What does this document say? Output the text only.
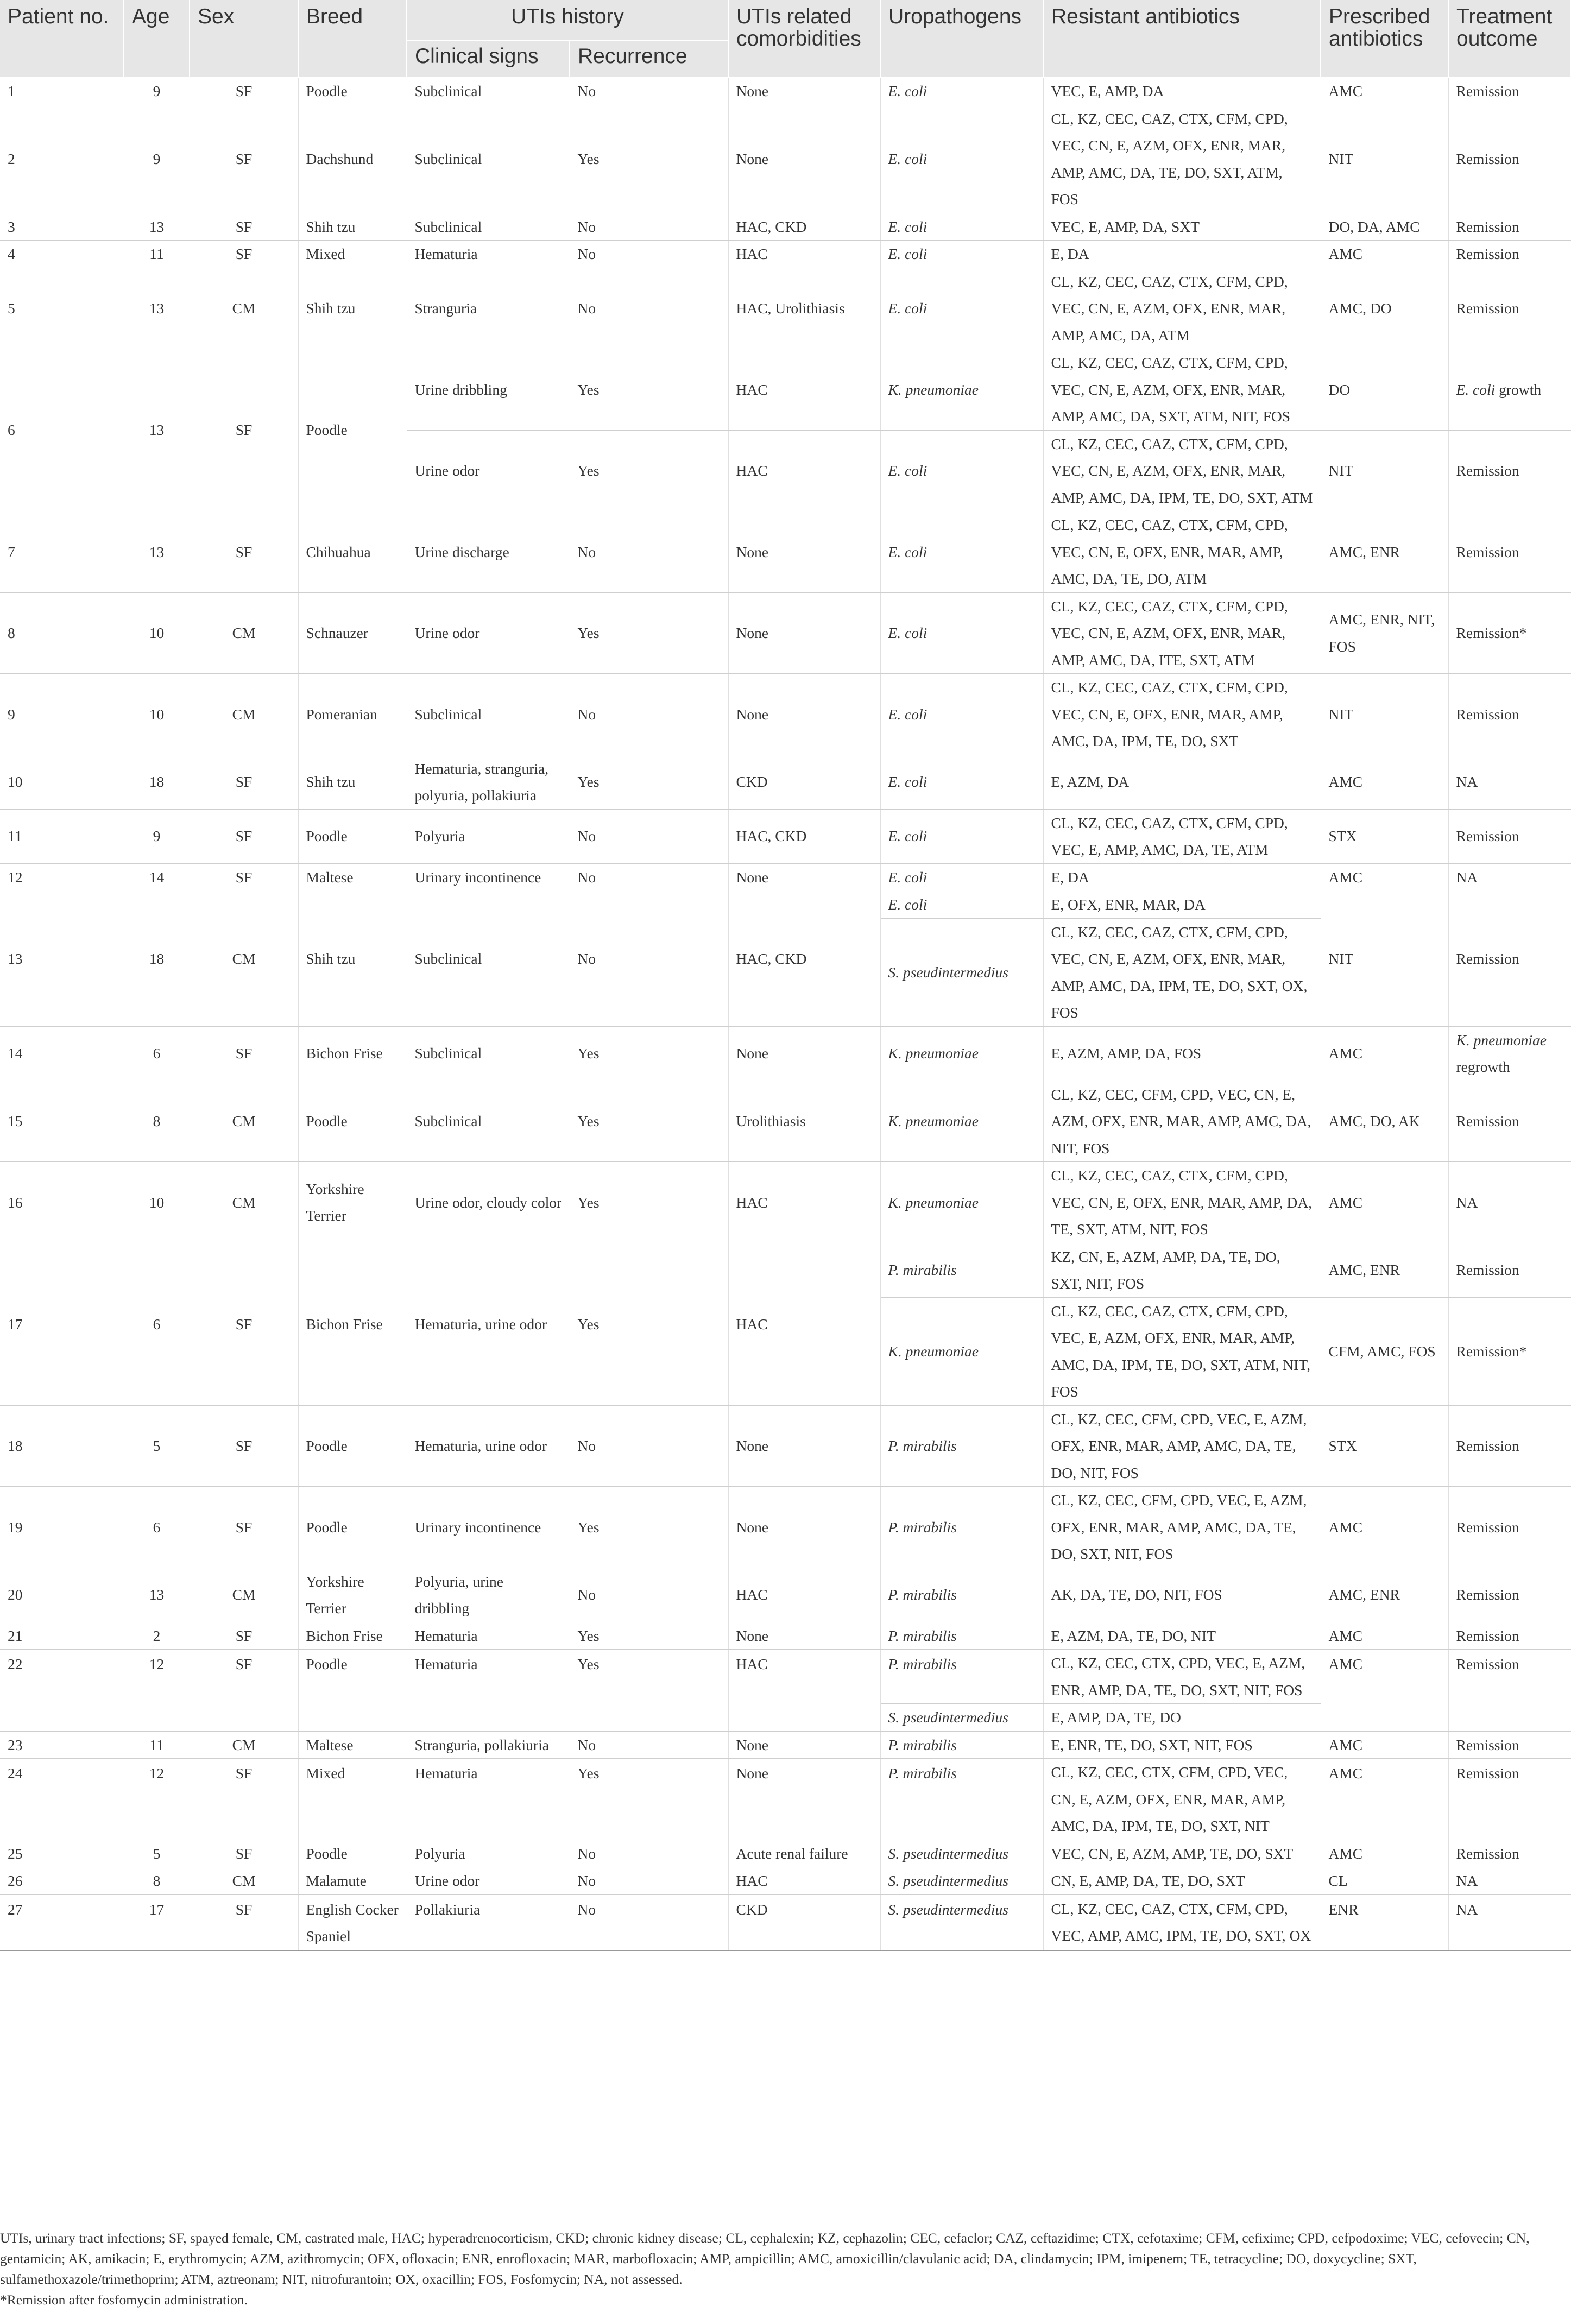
Patient no.	Age	Sex	Breed	UTIs history		UTIs related comorbidities	Uropathogens	Resistant antibiotics	Prescribed antibiotics	Treatment outcome
				Clinical signs	Recurrence					
1	9	SF	Poodle	Subclinical	No	None	E. coli	VEC, E, AMP, DA	AMC	Remission
2	9	SF	Dachshund	Subclinical	Yes	None	E. coli	CL, KZ, CEC, CAZ, CTX, CFM, CPD, VEC, CN, E, AZM, OFX, ENR, MAR, AMP, AMC, DA, TE, DO, SXT, ATM, FOS	NIT	Remission
3	13	SF	Shih tzu	Subclinical	No	HAC, CKD	E. coli	VEC, E, AMP, DA, SXT	DO, DA, AMC	Remission
4	11	SF	Mixed	Hematuria	No	HAC	E. coli	E, DA	AMC	Remission
5	13	CM	Shih tzu	Stranguria	No	HAC, Urolithiasis	E. coli	CL, KZ, CEC, CAZ, CTX, CFM, CPD, VEC, CN, E, AZM, OFX, ENR, MAR, AMP, AMC, DA, ATM	AMC, DO	Remission
6	13	SF	Poodle	Urine dribbling	Yes	HAC	K. pneumoniae	CL, KZ, CEC, CAZ, CTX, CFM, CPD, VEC, CN, E, AZM, OFX, ENR, MAR, AMP, AMC, DA, SXT, ATM, NIT, FOS	DO	E. coli growth
				Urine odor	Yes	HAC	E. coli	CL, KZ, CEC, CAZ, CTX, CFM, CPD, VEC, CN, E, AZM, OFX, ENR, MAR, AMP, AMC, DA, IPM, TE, DO, SXT, ATM	NIT	Remission
7	13	SF	Chihuahua	Urine discharge	No	None	E. coli	CL, KZ, CEC, CAZ, CTX, CFM, CPD, VEC, CN, E, OFX, ENR, MAR, AMP, AMC, DA, TE, DO, ATM	AMC, ENR	Remission
8	10	CM	Schnauzer	Urine odor	Yes	None	E. coli	CL, KZ, CEC, CAZ, CTX, CFM, CPD, VEC, CN, E, AZM, OFX, ENR, MAR, AMP, AMC, DA, ITE, SXT, ATM	AMC, ENR, NIT, FOS	Remission*
9	10	CM	Pomeranian	Subclinical	No	None	E. coli	CL, KZ, CEC, CAZ, CTX, CFM, CPD, VEC, CN, E, OFX, ENR, MAR, AMP, AMC, DA, IPM, TE, DO, SXT	NIT	Remission
10	18	SF	Shih tzu	Hematuria, stranguria, polyuria, pollakiuria	Yes	CKD	E. coli	E, AZM, DA	AMC	NA
11	9	SF	Poodle	Polyuria	No	HAC, CKD	E. coli	CL, KZ, CEC, CAZ, CTX, CFM, CPD, VEC, E, AMP, AMC, DA, TE, ATM	STX	Remission
12	14	SF	Maltese	Urinary incontinence	No	None	E. coli	E, DA	AMC	NA
13	18	CM	Shih tzu	Subclinical	No	HAC, CKD	E. coli	E, OFX, ENR, MAR, DA	NIT	Remission
							S. pseudintermedius	CL, KZ, CEC, CAZ, CTX, CFM, CPD, VEC, CN, E, AZM, OFX, ENR, MAR, AMP, AMC, DA, IPM, TE, DO, SXT, OX, FOS		
14	6	SF	Bichon Frise	Subclinical	Yes	None	K. pneumoniae	E, AZM, AMP, DA, FOS	AMC	K. pneumoniae regrowth
15	8	CM	Poodle	Subclinical	Yes	Urolithiasis	K. pneumoniae	CL, KZ, CEC, CFM, CPD, VEC, CN, E, AZM, OFX, ENR, MAR, AMP, AMC, DA, NIT, FOS	AMC, DO, AK	Remission
16	10	CM	Yorkshire Terrier	Urine odor, cloudy color	Yes	HAC	K. pneumoniae	CL, KZ, CEC, CAZ, CTX, CFM, CPD, VEC, CN, E, OFX, ENR, MAR, AMP, DA, TE, SXT, ATM, NIT, FOS	AMC	NA
17	6	SF	Bichon Frise	Hematuria, urine odor	Yes	HAC	P. mirabilis	KZ, CN, E, AZM, AMP, DA, TE, DO, SXT, NIT, FOS	AMC, ENR	Remission
							K. pneumoniae	CL, KZ, CEC, CAZ, CTX, CFM, CPD, VEC, E, AZM, OFX, ENR, MAR, AMP, AMC, DA, IPM, TE, DO, SXT, ATM, NIT, FOS	CFM, AMC, FOS	Remission*
18	5	SF	Poodle	Hematuria, urine odor	No	None	P. mirabilis	CL, KZ, CEC, CFM, CPD, VEC, E, AZM, OFX, ENR, MAR, AMP, AMC, DA, TE, DO, NIT, FOS	STX	Remission
19	6	SF	Poodle	Urinary incontinence	Yes	None	P. mirabilis	CL, KZ, CEC, CFM, CPD, VEC, E, AZM, OFX, ENR, MAR, AMP, AMC, DA, TE, DO, SXT, NIT, FOS	AMC	Remission
20	13	CM	Yorkshire Terrier	Polyuria, urine dribbling	No	HAC	P. mirabilis	AK, DA, TE, DO, NIT, FOS	AMC, ENR	Remission
21	2	SF	Bichon Frise	Hematuria	Yes	None	P. mirabilis	E, AZM, DA, TE, DO, NIT	AMC	Remission
22	12	SF	Poodle	Hematuria	Yes	HAC	P. mirabilis	CL, KZ, CEC, CTX, CPD, VEC, E, AZM, ENR, AMP, DA, TE, DO, SXT, NIT, FOS	AMC	Remission
							S. pseudintermedius	E, AMP, DA, TE, DO		
23	11	CM	Maltese	Stranguria, pollakiuria	No	None	P. mirabilis	E, ENR, TE, DO, SXT, NIT, FOS	AMC	Remission
24	12	SF	Mixed	Hematuria	Yes	None	P. mirabilis	CL, KZ, CEC, CTX, CFM, CPD, VEC, CN, E, AZM, OFX, ENR, MAR, AMP, AMC, DA, IPM, TE, DO, SXT, NIT	AMC	Remission
25	5	SF	Poodle	Polyuria	No	Acute renal failure	S. pseudintermedius	VEC, CN, E, AZM, AMP, TE, DO, SXT	AMC	Remission
26	8	CM	Malamute	Urine odor	No	HAC	S. pseudintermedius	CN, E, AMP, DA, TE, DO, SXT	CL	NA
27	17	SF	English Cocker Spaniel	Pollakiuria	No	CKD	S. pseudintermedius	CL, KZ, CEC, CAZ, CTX, CFM, CPD, VEC, AMP, AMC, IPM, TE, DO, SXT, OX	ENR	NA

UTIs, urinary tract infections; SF, spayed female, CM, castrated male, HAC; hyperadrenocorticism, CKD; chronic kidney disease; CL, cephalexin; KZ, cephazolin; CEC, cefaclor; CAZ, ceftazidime; CTX, cefotaxime; CFM, cefixime; CPD, cefpodoxime; VEC, cefovecin; CN, gentamicin; AK, amikacin; E, erythromycin; AZM, azithromycin; OFX, ofloxacin; ENR, enrofloxacin; MAR, marbofloxacin; AMP, ampicillin; AMC, amoxicillin/clavulanic acid; DA, clindamycin; IPM, imipenem; TE, tetracycline; DO, doxycycline; SXT, sulfamethoxazole/trimethoprim; ATM, aztreonam; NIT, nitrofurantoin; OX, oxacillin; FOS, Fosfomycin; NA, not assessed.

*Remission after fosfomycin administration.
